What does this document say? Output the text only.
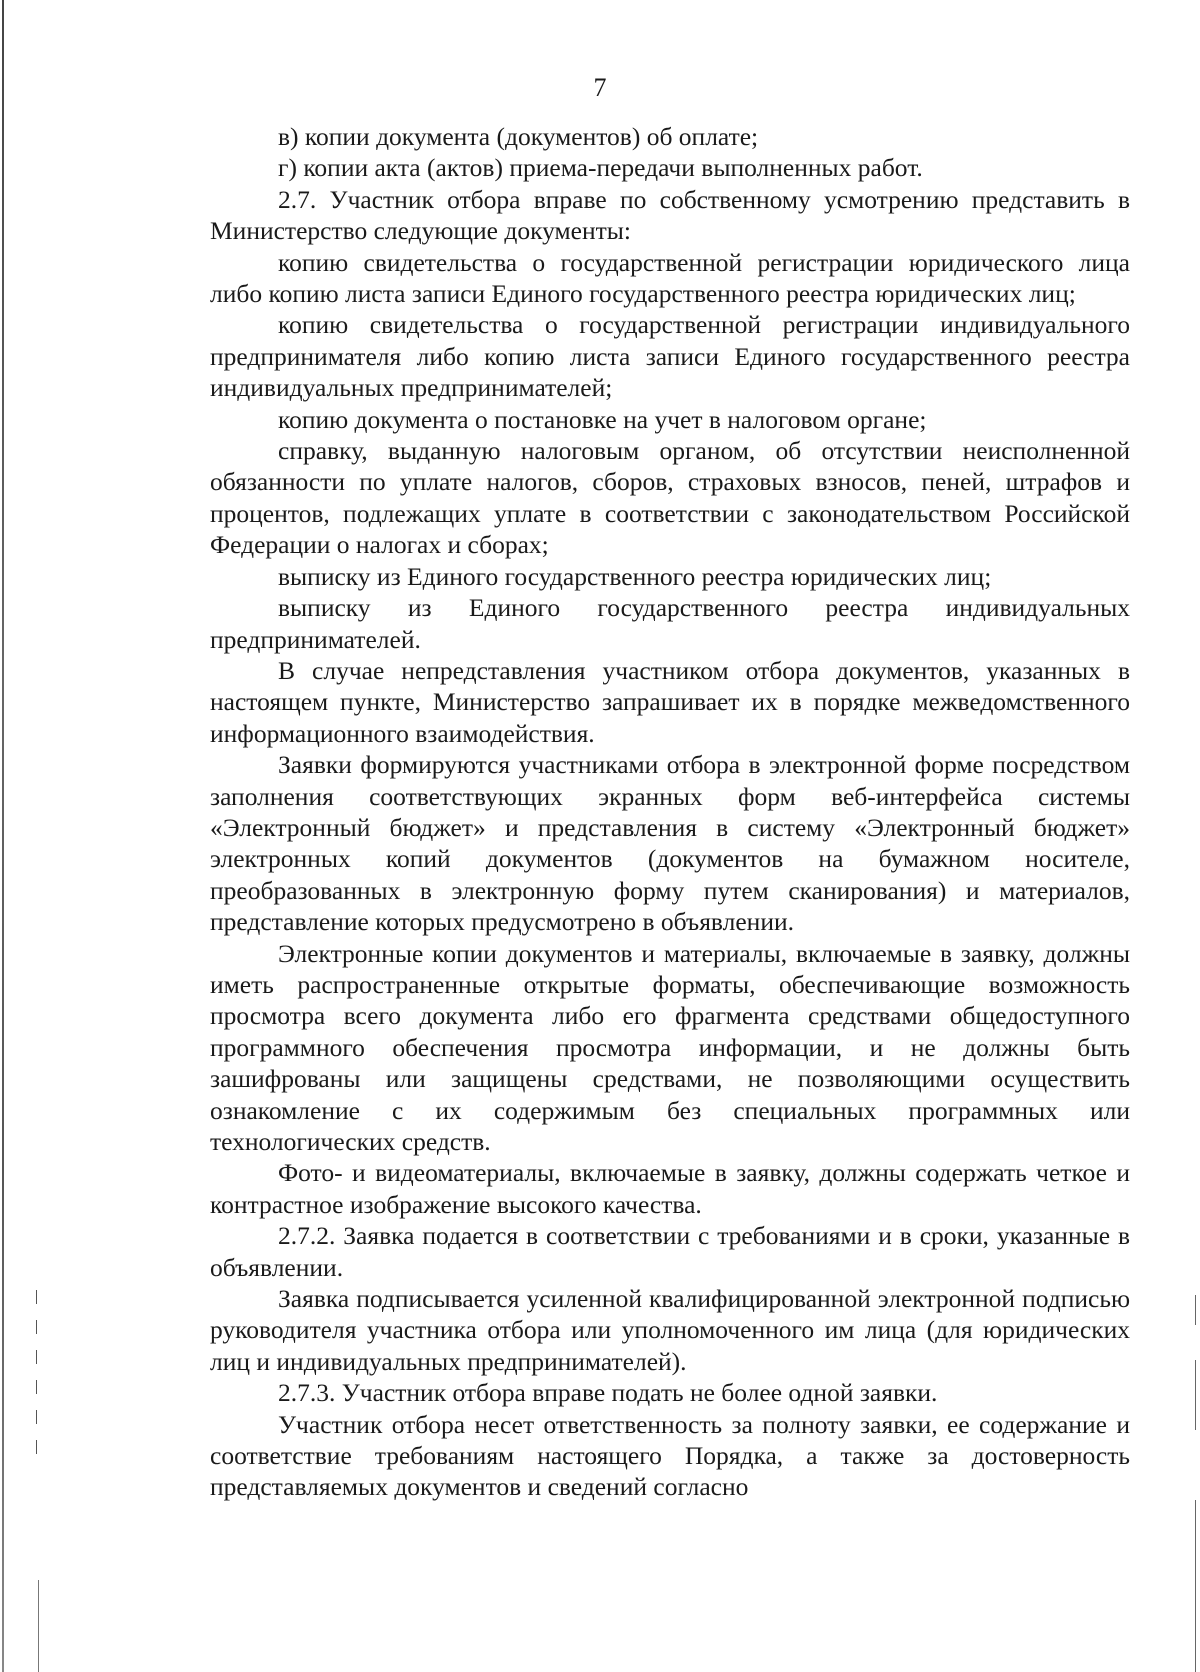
7

в) копии документа (документов) об оплате;

г) копии акта (актов) приема-передачи выполненных работ.

2.7. Участник отбора вправе по собственному усмотрению представить в Министерство следующие документы:

копию свидетельства о государственной регистрации юридического лица либо копию листа записи Единого государственного реестра юридических лиц;

копию свидетельства о государственной регистрации индивидуального предпринимателя либо копию листа записи Единого государственного реестра индивидуальных предпринимателей;

копию документа о постановке на учет в налоговом органе;

справку, выданную налоговым органом, об отсутствии неисполненной обязанности по уплате налогов, сборов, страховых взносов, пеней, штрафов и процентов, подлежащих уплате в соответствии с законодательством Российской Федерации о налогах и сборах;

выписку из Единого государственного реестра юридических лиц;

выписку из Единого государственного реестра индивидуальных предпринимателей.

В случае непредставления участником отбора документов, указанных в настоящем пункте, Министерство запрашивает их в порядке межведомственного информационного взаимодействия.

Заявки формируются участниками отбора в электронной форме посредством заполнения соответствующих экранных форм веб-интерфейса системы «Электронный бюджет» и представления в систему «Электронный бюджет» электронных копий документов (документов на бумажном носителе, преобразованных в электронную форму путем сканирования) и материалов, представление которых предусмотрено в объявлении.

Электронные копии документов и материалы, включаемые в заявку, должны иметь распространенные открытые форматы, обеспечивающие возможность просмотра всего документа либо его фрагмента средствами общедоступного программного обеспечения просмотра информации, и не должны быть зашифрованы или защищены средствами, не позволяющими осуществить ознакомление с их содержимым без специальных программных или технологических средств.

Фото- и видеоматериалы, включаемые в заявку, должны содержать четкое и контрастное изображение высокого качества.

2.7.2. Заявка подается в соответствии с требованиями и в сроки, указанные в объявлении.

Заявка подписывается усиленной квалифицированной электронной подписью руководителя участника отбора или уполномоченного им лица (для юридических лиц и индивидуальных предпринимателей).

2.7.3. Участник отбора вправе подать не более одной заявки.

Участник отбора несет ответственность за полноту заявки, ее содержание и соответствие требованиям настоящего Порядка, а также за достоверность представляемых документов и сведений согласно
